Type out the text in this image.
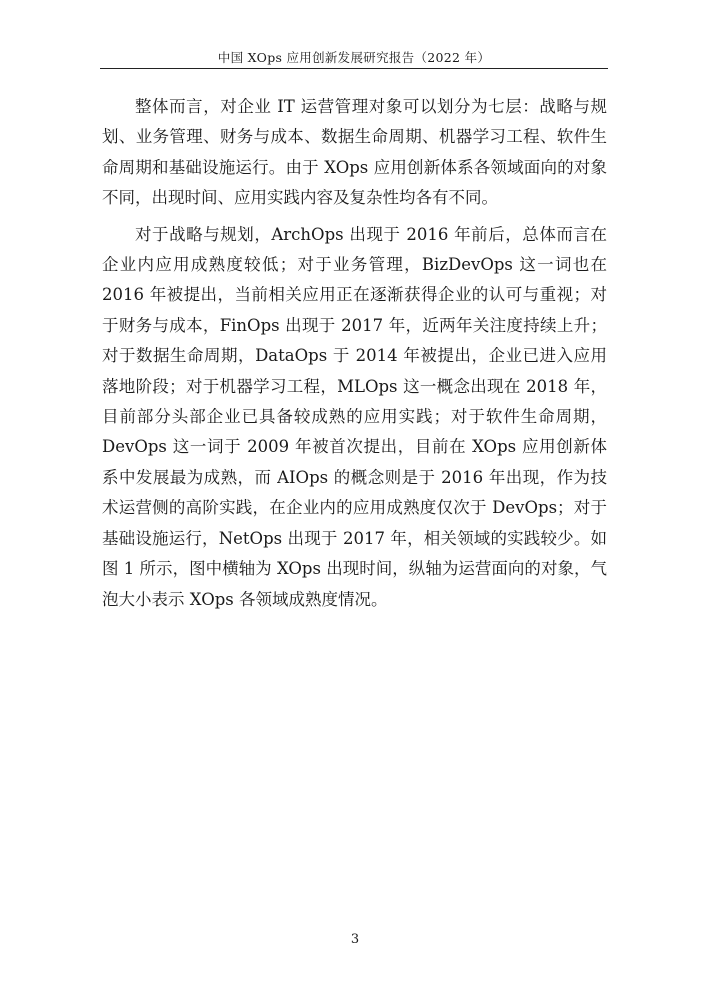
中国 XOps 应用创新发展研究报告（2022 年）

整体而言，对企业 IT 运营管理对象可以划分为七层：战略与规划、业务管理、财务与成本、数据生命周期、机器学习工程、软件生命周期和基础设施运行。由于 XOps 应用创新体系各领域面向的对象不同，出现时间、应用实践内容及复杂性均各有不同。

对于战略与规划，ArchOps 出现于 2016 年前后，总体而言在企业内应用成熟度较低；对于业务管理，BizDevOps 这一词也在 2016 年被提出，当前相关应用正在逐渐获得企业的认可与重视；对于财务与成本，FinOps 出现于 2017 年，近两年关注度持续上升；对于数据生命周期，DataOps 于 2014 年被提出，企业已进入应用落地阶段；对于机器学习工程，MLOps 这一概念出现在 2018 年，目前部分头部企业已具备较成熟的应用实践；对于软件生命周期，DevOps 这一词于 2009 年被首次提出，目前在 XOps 应用创新体系中发展最为成熟，而 AIOps 的概念则是于 2016 年出现，作为技术运营侧的高阶实践，在企业内的应用成熟度仅次于 DevOps；对于基础设施运行，NetOps 出现于 2017 年，相关领域的实践较少。如图 1 所示，图中横轴为 XOps 出现时间，纵轴为运营面向的对象，气泡大小表示 XOps 各领域成熟度情况。

3
